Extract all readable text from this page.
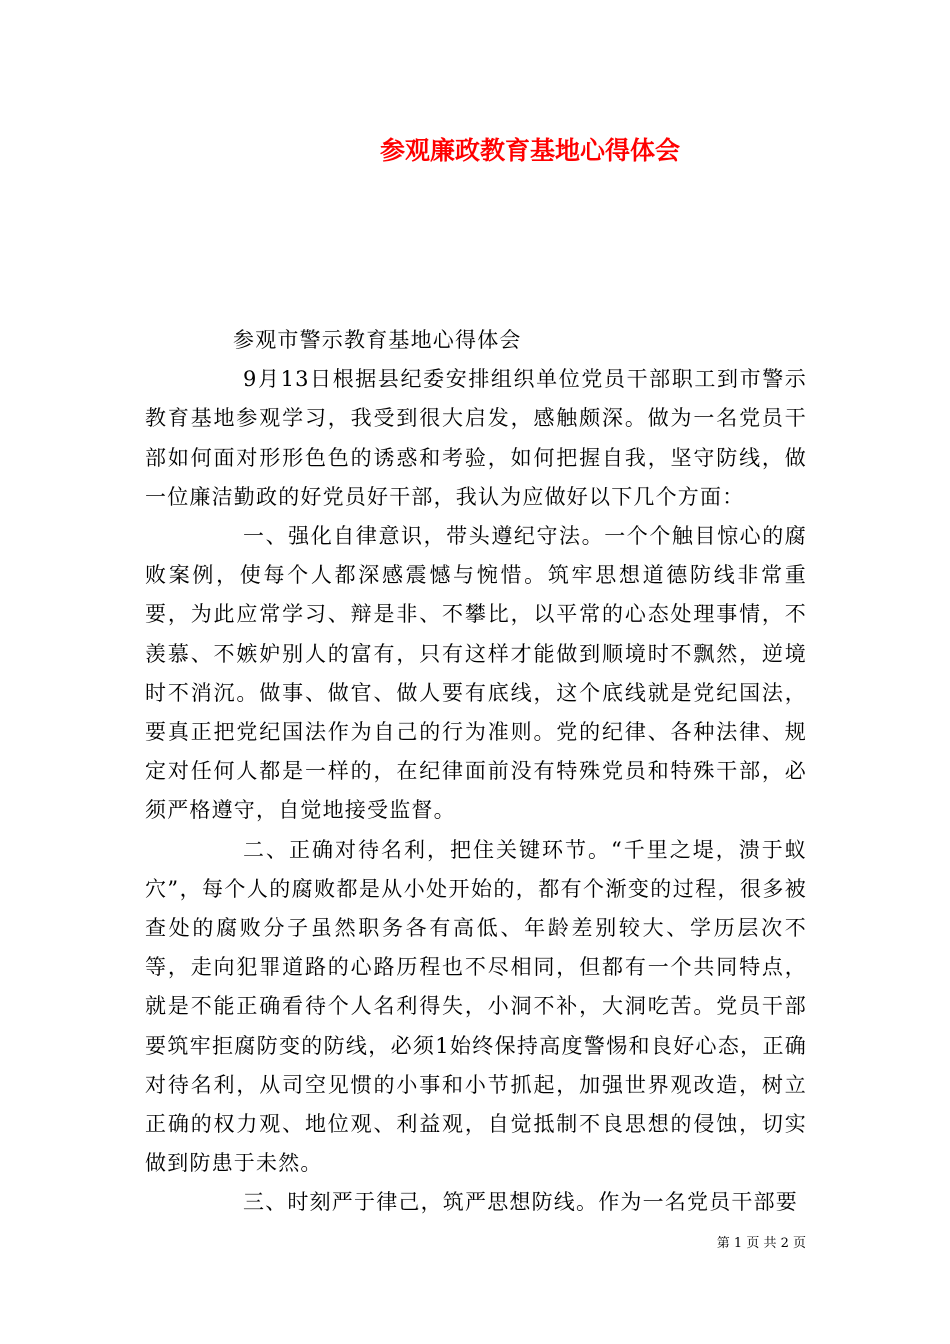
参观廉政教育基地心得体会

参观市警示教育基地心得体会

9月13日根据县纪委安排组织单位党员干部职工到市警示教育基地参观学习，我受到很大启发，感触颇深。做为一名党员干部如何面对形形色色的诱惑和考验，如何把握自我，坚守防线，做一位廉洁勤政的好党员好干部，我认为应做好以下几个方面：

一、强化自律意识，带头遵纪守法。一个个触目惊心的腐败案例，使每个人都深感震憾与惋惜。筑牢思想道德防线非常重要，为此应常学习、辩是非、不攀比，以平常的心态处理事情，不羡慕、不嫉妒别人的富有，只有这样才能做到顺境时不飘然，逆境时不消沉。做事、做官、做人要有底线，这个底线就是党纪国法，要真正把党纪国法作为自己的行为准则。党的纪律、各种法律、规定对任何人都是一样的，在纪律面前没有特殊党员和特殊干部，必须严格遵守，自觉地接受监督。

二、正确对待名利，把住关键环节。“千里之堤，溃于蚁穴”，每个人的腐败都是从小处开始的，都有个渐变的过程，很多被查处的腐败分子虽然职务各有高低、年龄差别较大、学历层次不等，走向犯罪道路的心路历程也不尽相同，但都有一个共同特点，就是不能正确看待个人名利得失，小洞不补，大洞吃苦。党员干部要筑牢拒腐防变的防线，必须1始终保持高度警惕和良好心态，正确对待名利，从司空见惯的小事和小节抓起，加强世界观改造，树立正确的权力观、地位观、利益观，自觉抵制不良思想的侵蚀，切实做到防患于未然。

三、时刻严于律己，筑严思想防线。作为一名党员干部要

第 1 页 共 2 页
